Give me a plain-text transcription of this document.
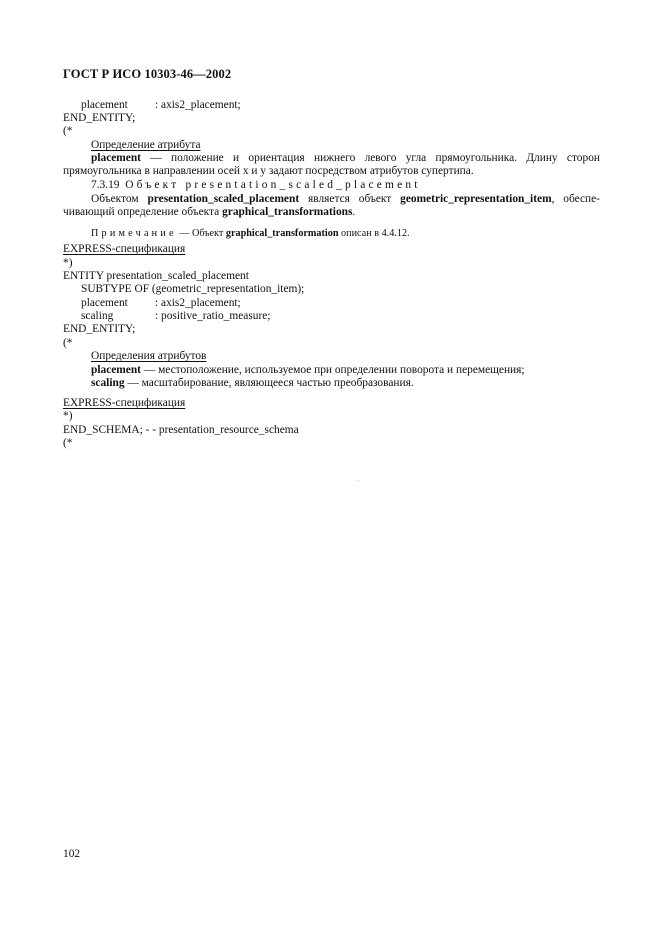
ГОСТ Р ИСО 10303-46—2002
placement : axis2_placement;
END_ENTITY;
(*
Определение атрибута
placement — положение и ориентация нижнего левого угла прямоугольника. Длину сторон
прямоугольника в направлении осей x и y задают посредством атрибутов супертипа.
7.3.19 Объект presentation_scaled_placement
Объектом presentation_scaled_placement является объект geometric_representation_item, обеспе-
чивающий определение объекта graphical_transformations.
Примечание — Объект graphical_transformation описан в 4.4.12.
EXPRESS-спецификация
*)
ENTITY presentation_scaled_placement
SUBTYPE OF (geometric_representation_item);
placement : axis2_placement;
scaling	: positive_ratio_measure;
END_ENTITY;
(*
Определения атрибутов
placement — местоположение, используемое при определении поворота и перемещения;
scaling — масштабирование, являющееся частью преобразования.
EXPRESS-спецификация
*)
END_SCHEMA; - - presentation_resource_schema
(*
102
